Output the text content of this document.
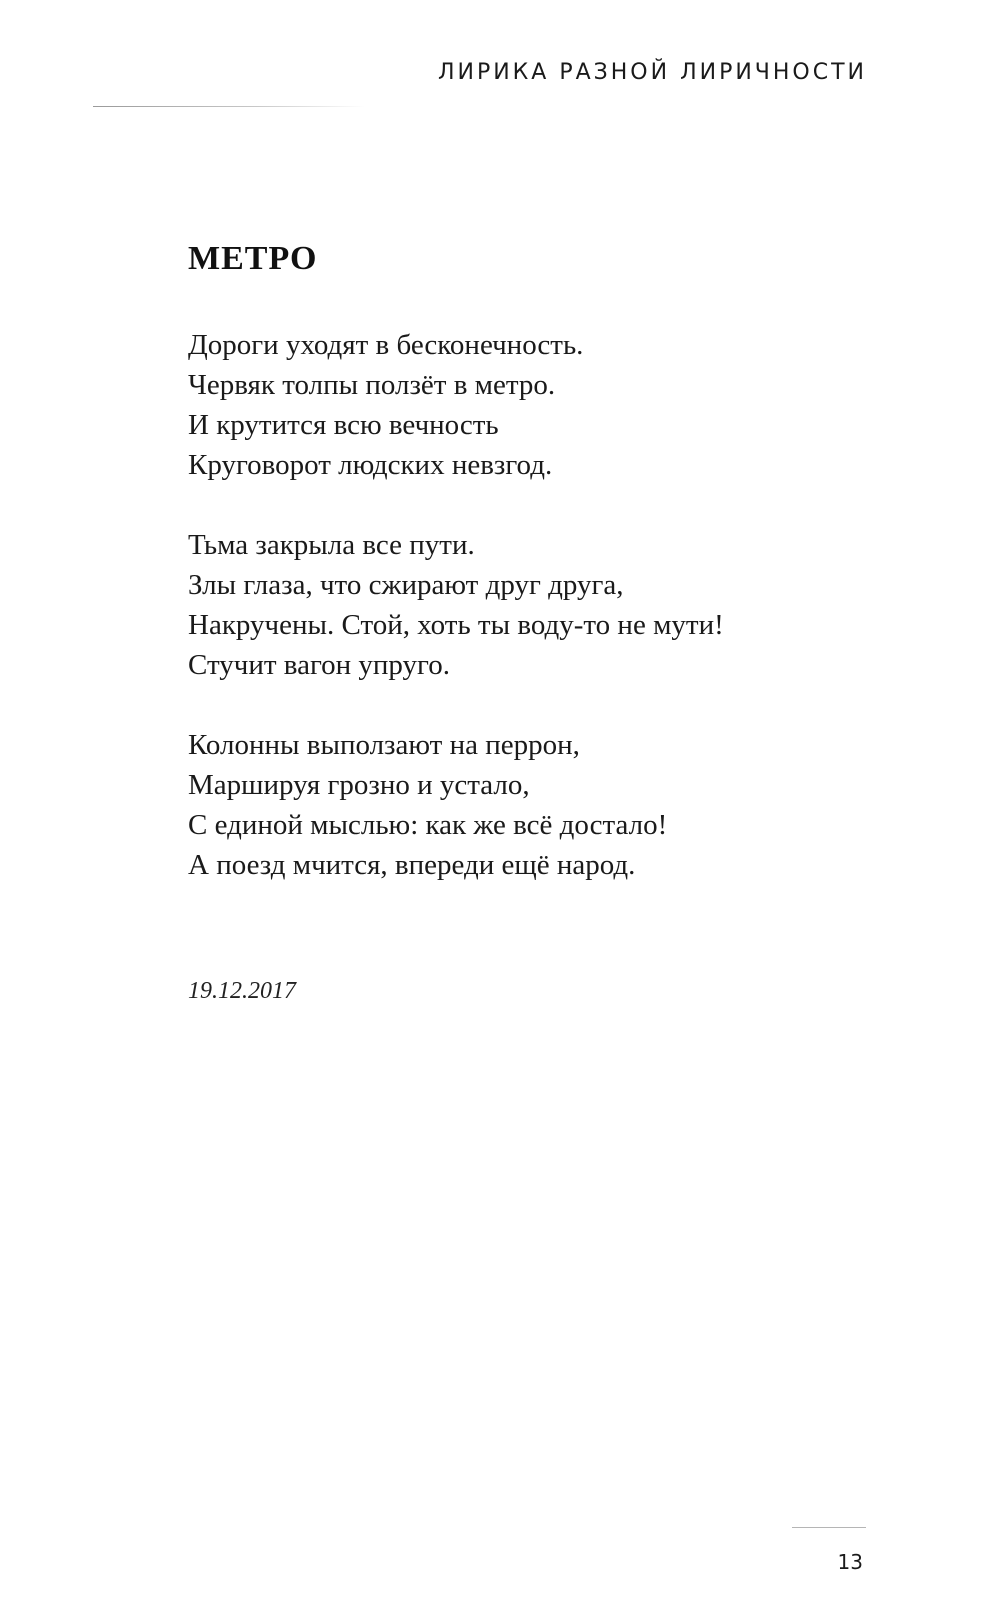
ЛИРИКА РАЗНОЙ ЛИРИЧНОСТИ
МЕТРО
Дороги уходят в бесконечность.
Червяк толпы ползёт в метро.
И крутится всю вечность
Круговорот людских невзгод.
Тьма закрыла все пути.
Злы глаза, что сжирают друг друга,
Накручены. Стой, хоть ты воду-то не мути!
Стучит вагон упруго.
Колонны выползают на перрон,
Маршируя грозно и устало,
С единой мыслью: как же всё достало!
А поезд мчится, впереди ещё народ.
19.12.2017
13
